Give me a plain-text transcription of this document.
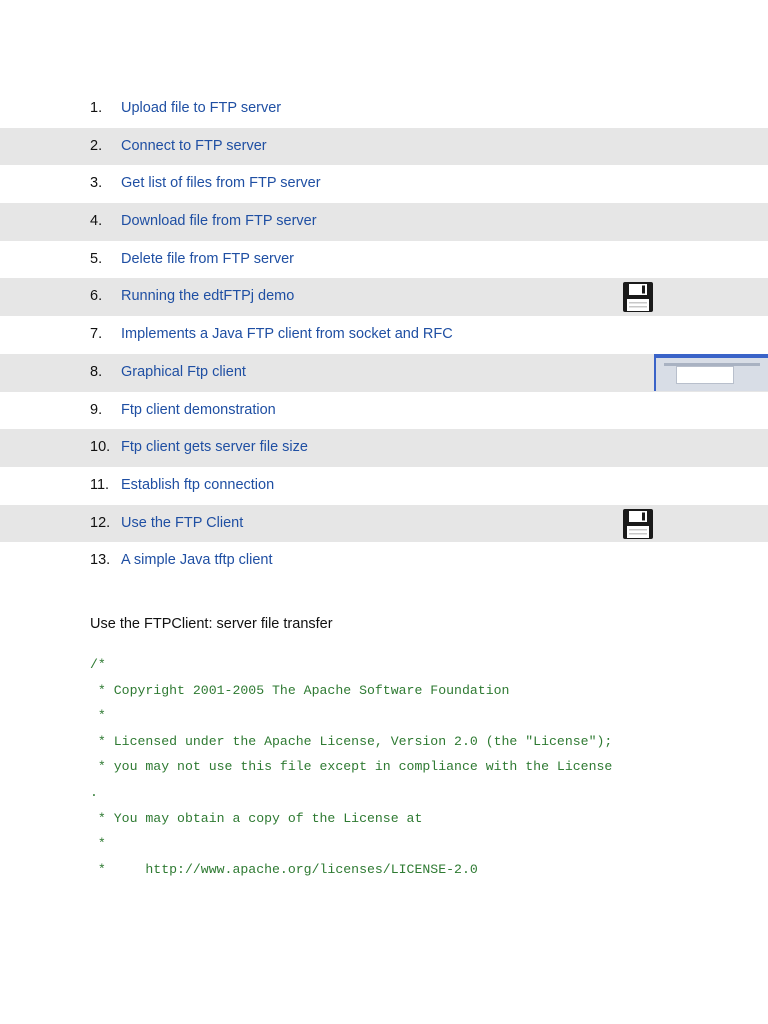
1. Upload file to FTP server
2. Connect to FTP server
3. Get list of files from FTP server
4. Download file from FTP server
5. Delete file from FTP server
6. Running the edtFTPj demo
7. Implements a Java FTP client from socket and RFC
8. Graphical Ftp client
9. Ftp client demonstration
10. Ftp client gets server file size
11. Establish ftp connection
12. Use the FTP Client
13. A simple Java tftp client
Use the FTPClient: server file transfer
/*
* Copyright 2001-2005 The Apache Software Foundation
*
* Licensed under the Apache License, Version 2.0 (the "License");
* you may not use this file except in compliance with the License
.
* You may obtain a copy of the License at
*
*     http://www.apache.org/licenses/LICENSE-2.0
